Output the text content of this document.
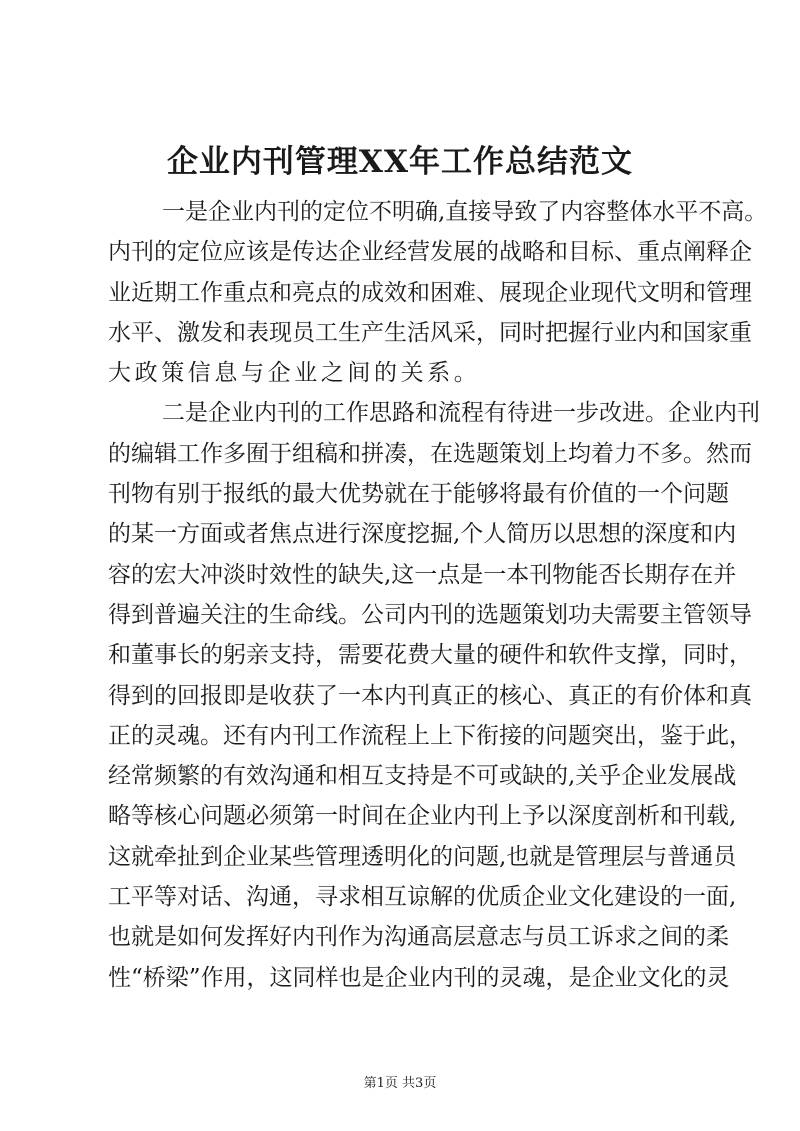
企业内刊管理XX年工作总结范文
一是企业内刊的定位不明确,直接导致了内容整体水平不高。
内刊的定位应该是传达企业经营发展的战略和目标、重点阐释企
业近期工作重点和亮点的成效和困难、展现企业现代文明和管理
水平、激发和表现员工生产生活风采，同时把握行业内和国家重
大政策信息与企业之间的关系。
二是企业内刊的工作思路和流程有待进一步改进。企业内刊
的编辑工作多囿于组稿和拼凑，在选题策划上均着力不多。然而
刊物有别于报纸的最大优势就在于能够将最有价值的一个问题
的某一方面或者焦点进行深度挖掘,个人简历以思想的深度和内
容的宏大冲淡时效性的缺失,这一点是一本刊物能否长期存在并
得到普遍关注的生命线。公司内刊的选题策划功夫需要主管领导
和董事长的躬亲支持，需要花费大量的硬件和软件支撑，同时，
得到的回报即是收获了一本内刊真正的核心、真正的有价体和真
正的灵魂。还有内刊工作流程上上下衔接的问题突出，鉴于此，
经常频繁的有效沟通和相互支持是不可或缺的,关乎企业发展战
略等核心问题必须第一时间在企业内刊上予以深度剖析和刊载,
这就牵扯到企业某些管理透明化的问题,也就是管理层与普通员
工平等对话、沟通，寻求相互谅解的优质企业文化建设的一面,
也就是如何发挥好内刊作为沟通高层意志与员工诉求之间的柔
性“桥梁”作用，这同样也是企业内刊的灵魂，是企业文化的灵
第1页 共3页
